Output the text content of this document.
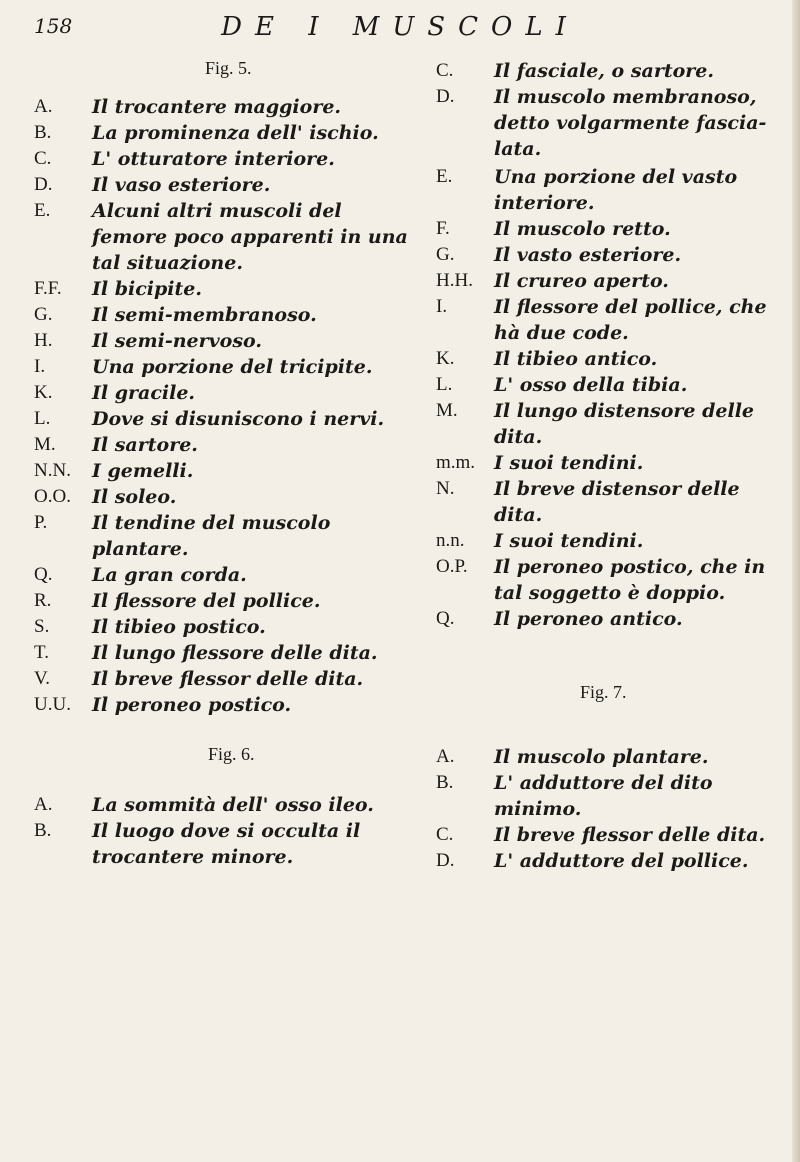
158	DE I MUSCOLI
Fig. 5.
A. Il trocantere maggiore.
B. La prominenza dell' ischio.
C. L' otturatore interiore.
D. Il vaso esteriore.
E. Alcuni altri muscoli del femore poco apparenti in una tal situazione.
F.F. Il bicipite.
G. Il semi-membranoso.
H. Il semi-nervoso.
I. Una porzione del tricipite.
K. Il gracile.
L. Dove si disuniscono i nervi.
M. Il sartore.
N.N. I gemelli.
O.O. Il soleo.
P. Il tendine del muscolo plantare.
Q. La gran corda.
R. Il flessore del pollice.
S. Il tibieo postico.
T. Il lungo flessore delle dita.
V. Il breve flessor delle dita.
U.U. Il peroneo postico.
Fig. 6.
A. La sommità dell' osso ileo.
B. Il luogo dove si occulta il trocantere minore.
C. Il fasciale, o sartore.
D. Il muscolo membranoso, detto volgarmente fascia-lata.
E. Una porzione del vasto interiore.
F. Il muscolo retto.
G. Il vasto esteriore.
H.H. Il crureo aperto.
I. Il flessore del pollice, che hà due code.
K. Il tibieo antico.
L. L' osso della tibia.
M. Il lungo distensore delle dita.
m.m. I suoi tendini.
N. Il breve distensor delle dita.
n.n. I suoi tendini.
O.P. Il peroneo postico, che in tal soggetto è doppio.
Q. Il peroneo antico.
Fig. 7.
A. Il muscolo plantare.
B. L' adduttore del dito minimo.
C. Il breve flessor delle dita.
D. L' adduttore del pollice.
